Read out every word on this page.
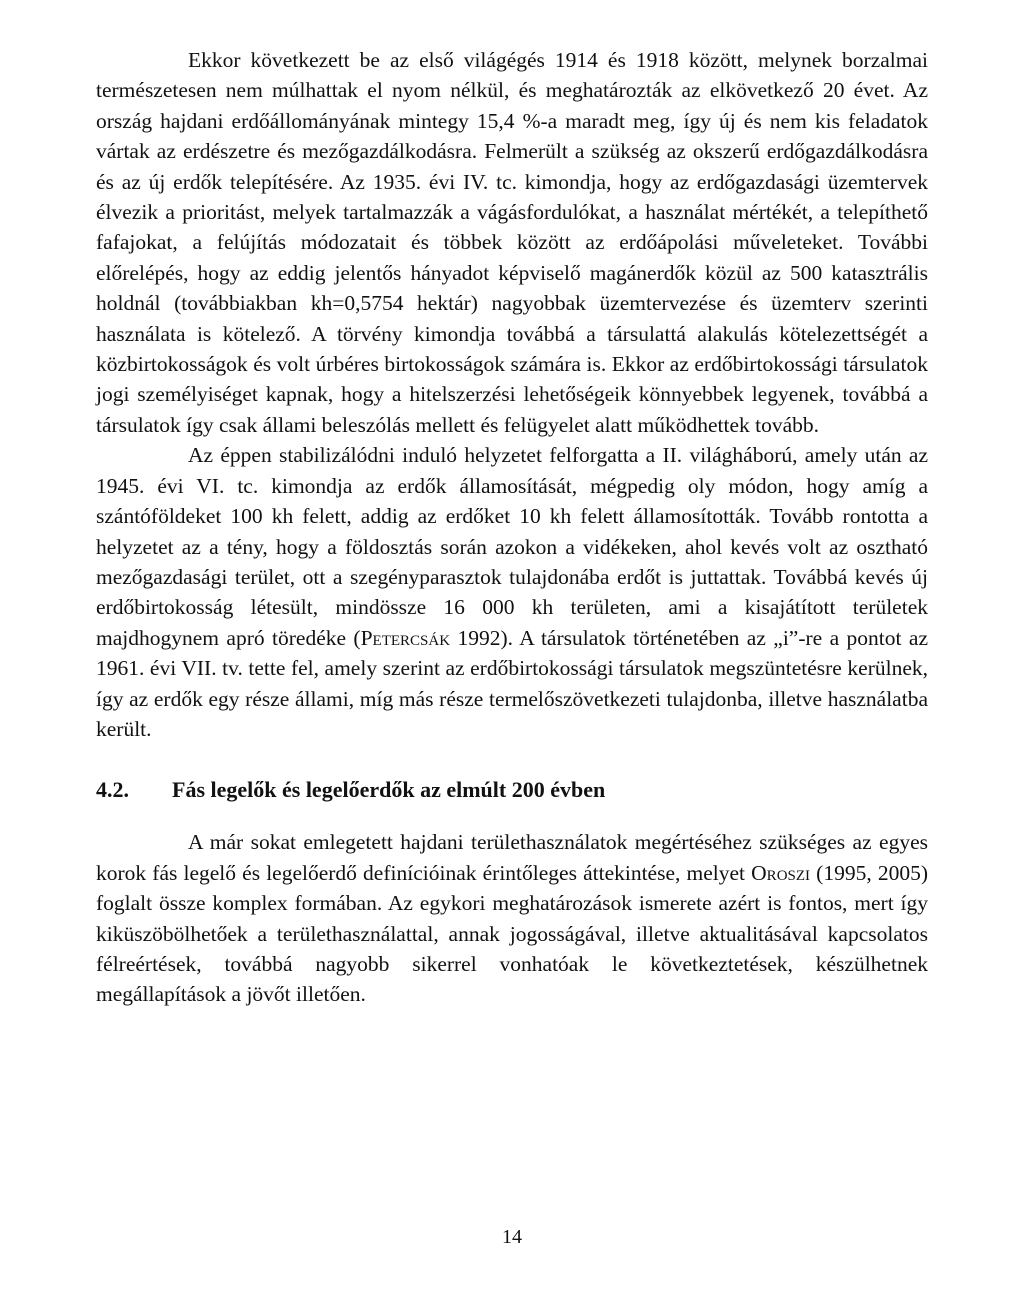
Ekkor következett be az első világégés 1914 és 1918 között, melynek borzalmai természetesen nem múlhattak el nyom nélkül, és meghatározták az elkövetkező 20 évet. Az ország hajdani erdőállományának mintegy 15,4 %-a maradt meg, így új és nem kis feladatok vártak az erdészetre és mezőgazdálkodásra. Felmerült a szükség az okszerű erdőgazdálkodásra és az új erdők telepítésére. Az 1935. évi IV. tc. kimondja, hogy az erdőgazdasági üzemtervek élvezik a prioritást, melyek tartalmazzák a vágásfordulókat, a használat mértékét, a telepíthető fafajokat, a felújítás módozatait és többek között az erdőápolási műveleteket. További előrelépés, hogy az eddig jelentős hányadot képviselő magánerdők közül az 500 katasztrális holdnál (továbbiakban kh=0,5754 hektár) nagyobbak üzemtervezése és üzemterv szerinti használata is kötelező. A törvény kimondja továbbá a társulattá alakulás kötelezettségét a közbirtokosságok és volt úrbéres birtokosságok számára is. Ekkor az erdőbirtokossági társulatok jogi személyiséget kapnak, hogy a hitelszerzési lehetőségeik könnyebbek legyenek, továbbá a társulatok így csak állami beleszólás mellett és felügyelet alatt működhettek tovább.

Az éppen stabilizálódni induló helyzetet felforgatta a II. világháború, amely után az 1945. évi VI. tc. kimondja az erdők államosítását, mégpedig oly módon, hogy amíg a szántóföldeket 100 kh felett, addig az erdőket 10 kh felett államosították. Tovább rontotta a helyzetet az a tény, hogy a földosztás során azokon a vidékeken, ahol kevés volt az osztható mezőgazdasági terület, ott a szegényparasztok tulajdonába erdőt is juttattak. Továbbá kevés új erdőbirtokosság létesült, mindössze 16 000 kh területen, ami a kisajátított területek majdhogynem apró töredéke (Petercsák 1992). A társulatok történetében az „i”-re a pontot az 1961. évi VII. tv. tette fel, amely szerint az erdőbirtokossági társulatok megszüntetésre kerülnek, így az erdők egy része állami, míg más része termelőszövetkezeti tulajdonba, illetve használatba került.

4.2.	Fás legelők és legelőerdők az elmúlt 200 évben

A már sokat emlegetett hajdani területhasználatok megértéséhez szükséges az egyes korok fás legelő és legelőerdő definícióinak érintőleges áttekintése, melyet Oroszi (1995, 2005) foglalt össze komplex formában. Az egykori meghatározások ismerete azért is fontos, mert így kiküszöbölhetőek a területhasználattal, annak jogosságával, illetve aktualitásával kapcsolatos félreértések, továbbá nagyobb sikerrel vonhatóak le következtetések, készülhetnek megállapítások a jövőt illetően.

14
